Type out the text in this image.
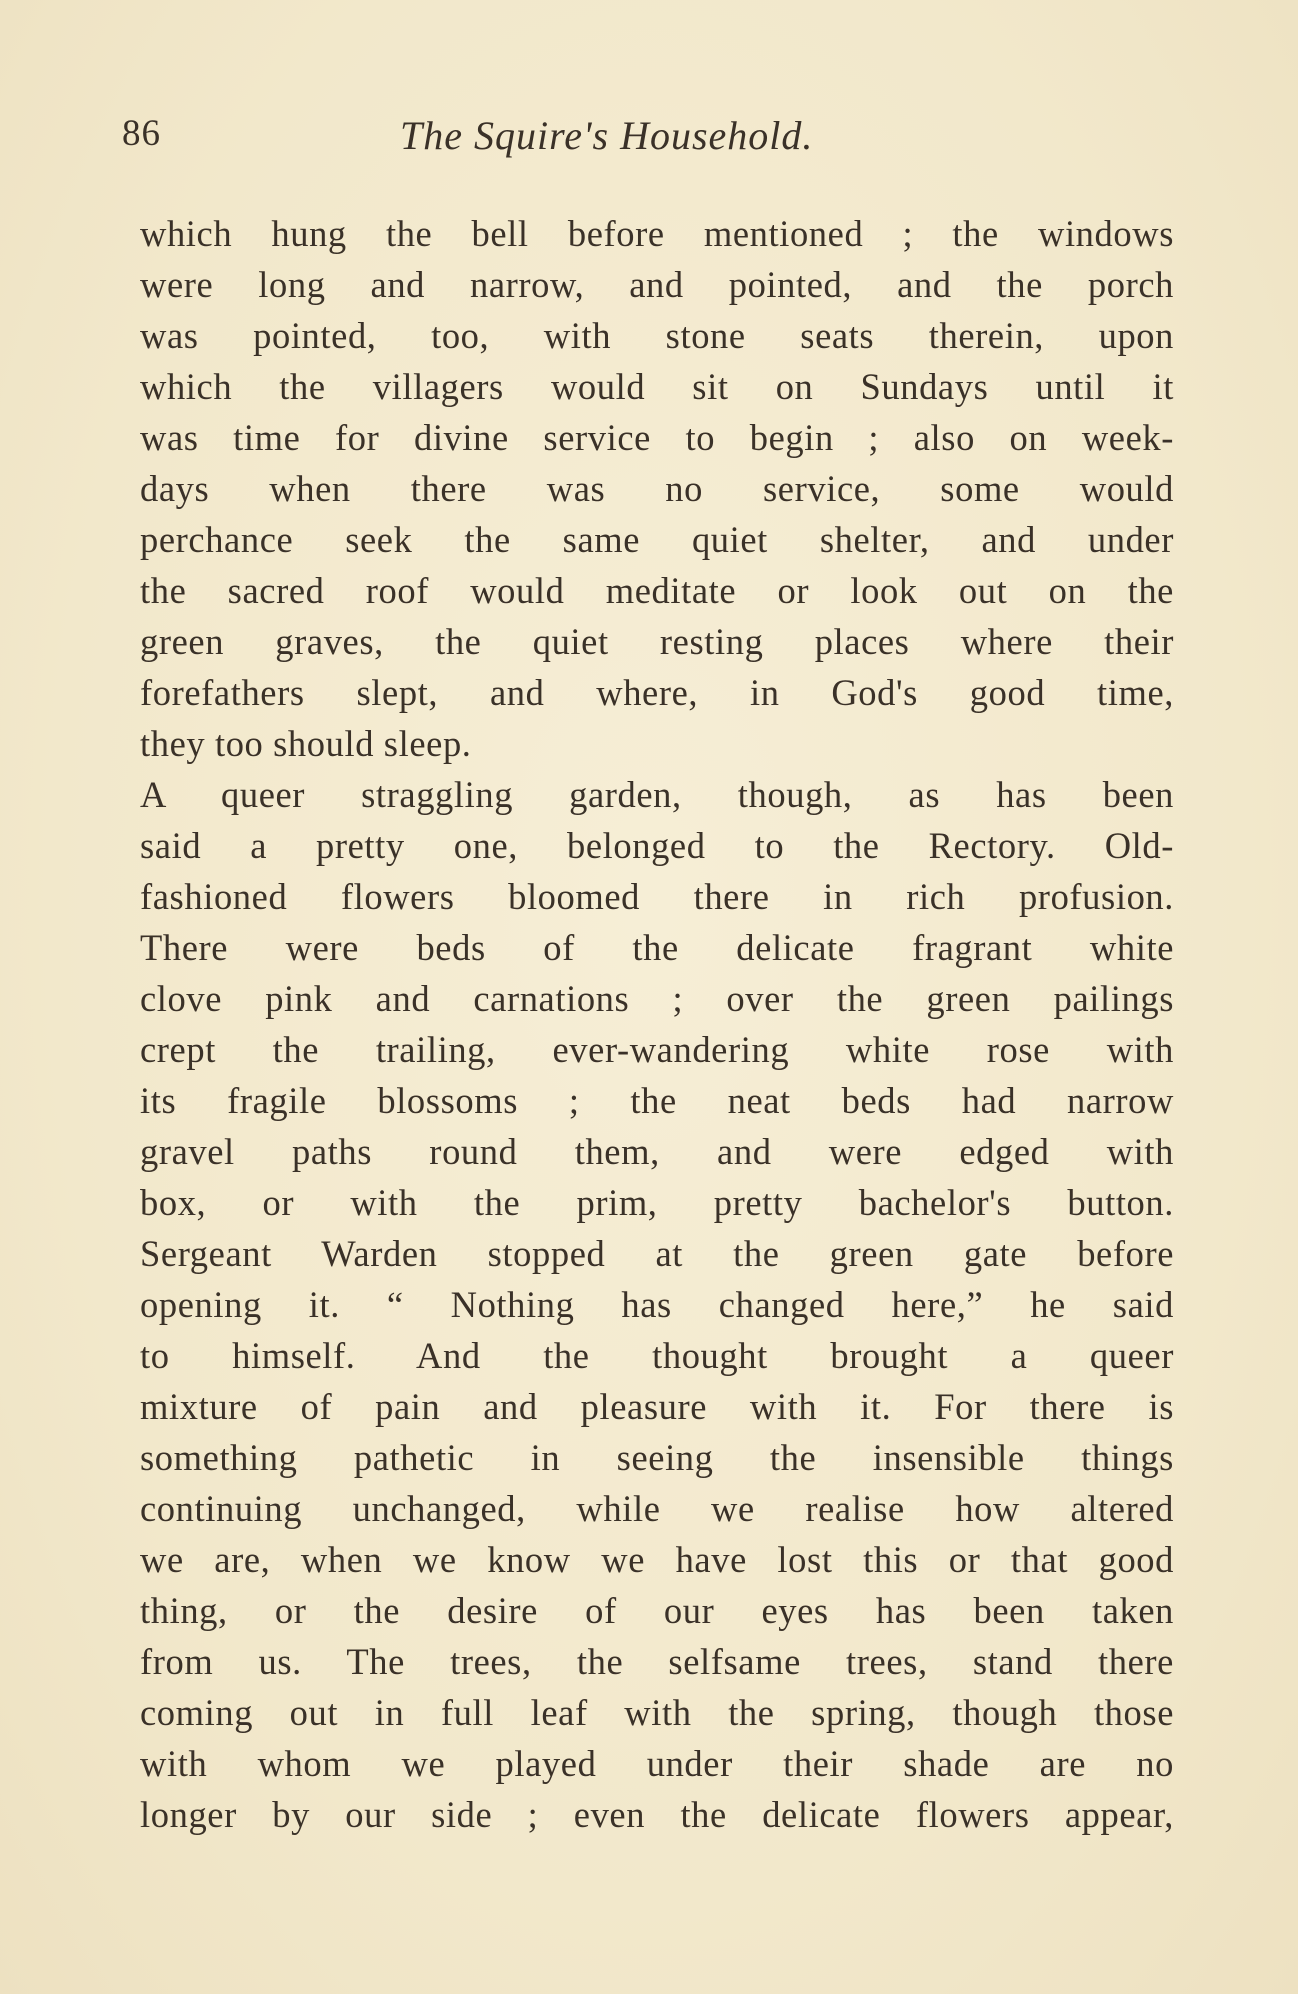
86	The Squire's Household.
which hung the bell before mentioned ; the windows
were long and narrow, and pointed, and the porch
was pointed, too, with stone seats therein, upon
which the villagers would sit on Sundays until it
was time for divine service to begin ; also on week-
days when there was no service, some would
perchance seek the same quiet shelter, and under
the sacred roof would meditate or look out on the
green graves, the quiet resting places where their
forefathers slept, and where, in God's good time,
they too should sleep.
A queer straggling garden, though, as has been
said a pretty one, belonged to the Rectory. Old-
fashioned flowers bloomed there in rich profusion.
There were beds of the delicate fragrant white
clove pink and carnations ; over the green pailings
crept the trailing, ever-wandering white rose with
its fragile blossoms ; the neat beds had narrow
gravel paths round them, and were edged with
box, or with the prim, pretty bachelor's button.
Sergeant Warden stopped at the green gate before
opening it. “ Nothing has changed here,” he said
to himself. And the thought brought a queer
mixture of pain and pleasure with it. For there is
something pathetic in seeing the insensible things
continuing unchanged, while we realise how altered
we are, when we know we have lost this or that good
thing, or the desire of our eyes has been taken
from us. The trees, the selfsame trees, stand there
coming out in full leaf with the spring, though those
with whom we played under their shade are no
longer by our side ; even the delicate flowers appear,
